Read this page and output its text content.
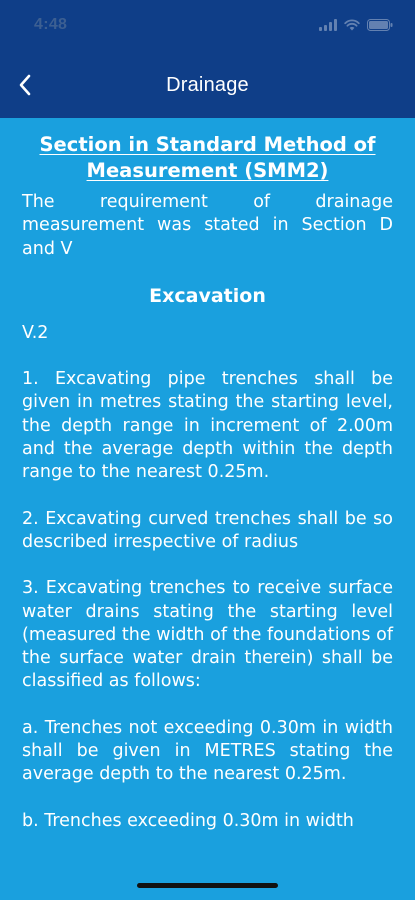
4:48
Drainage

Section in Standard Method of Measurement (SMM2)

The requirement of drainage measurement was stated in Section D and V

Excavation

V.2

1. Excavating pipe trenches shall be given in metres stating the starting level, the depth range in increment of 2.00m and the average depth within the depth range to the nearest 0.25m.

2. Excavating curved trenches shall be so described irrespective of radius

3. Excavating trenches to receive surface water drains stating the starting level (measured the width of the foundations of the surface water drain therein) shall be classified as follows:

a. Trenches not exceeding 0.30m in width shall be given in METRES stating the average depth to the nearest 0.25m.

b. Trenches exceeding 0.30m in width
